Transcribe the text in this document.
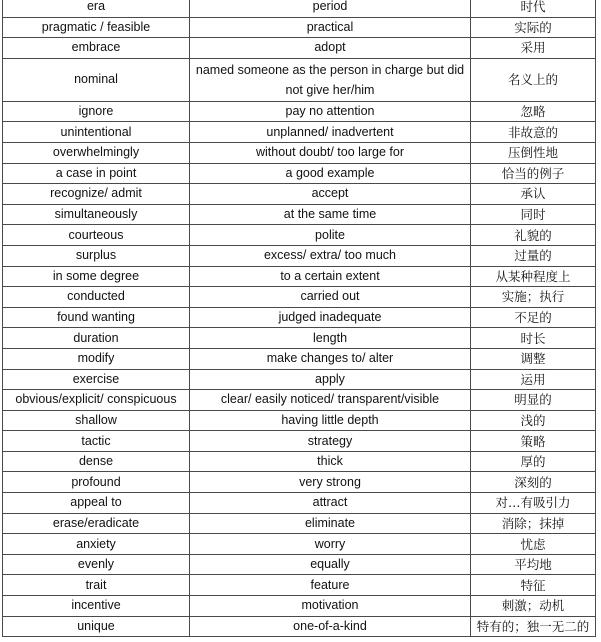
era	period	时代
pragmatic / feasible	practical	实际的
embrace	adopt	采用
nominal	named someone as the person in charge but did not give her/him	名义上的
ignore	pay no attention	忽略
unintentional	unplanned/ inadvertent	非故意的
overwhelmingly	without doubt/ too large for	压倒性地
a case in point	a good example	恰当的例子
recognize/ admit	accept	承认
simultaneously	at the same time	同时
courteous	polite	礼貌的
surplus	excess/ extra/ too much	过量的
in some degree	to a certain extent	从某种程度上
conducted	carried out	实施；执行
found wanting	judged inadequate	不足的
duration	length	时长
modify	make changes to/ alter	调整
exercise	apply	运用
obvious/explicit/ conspicuous	clear/ easily noticed/ transparent/visible	明显的
shallow	having little depth	浅的
tactic	strategy	策略
dense	thick	厚的
profound	very strong	深刻的
appeal to	attract	对…有吸引力
erase/eradicate	eliminate	消除；抹掉
anxiety	worry	忧虑
evenly	equally	平均地
trait	feature	特征
incentive	motivation	刺激；动机
unique	one-of-a-kind	特有的；独一无二的
